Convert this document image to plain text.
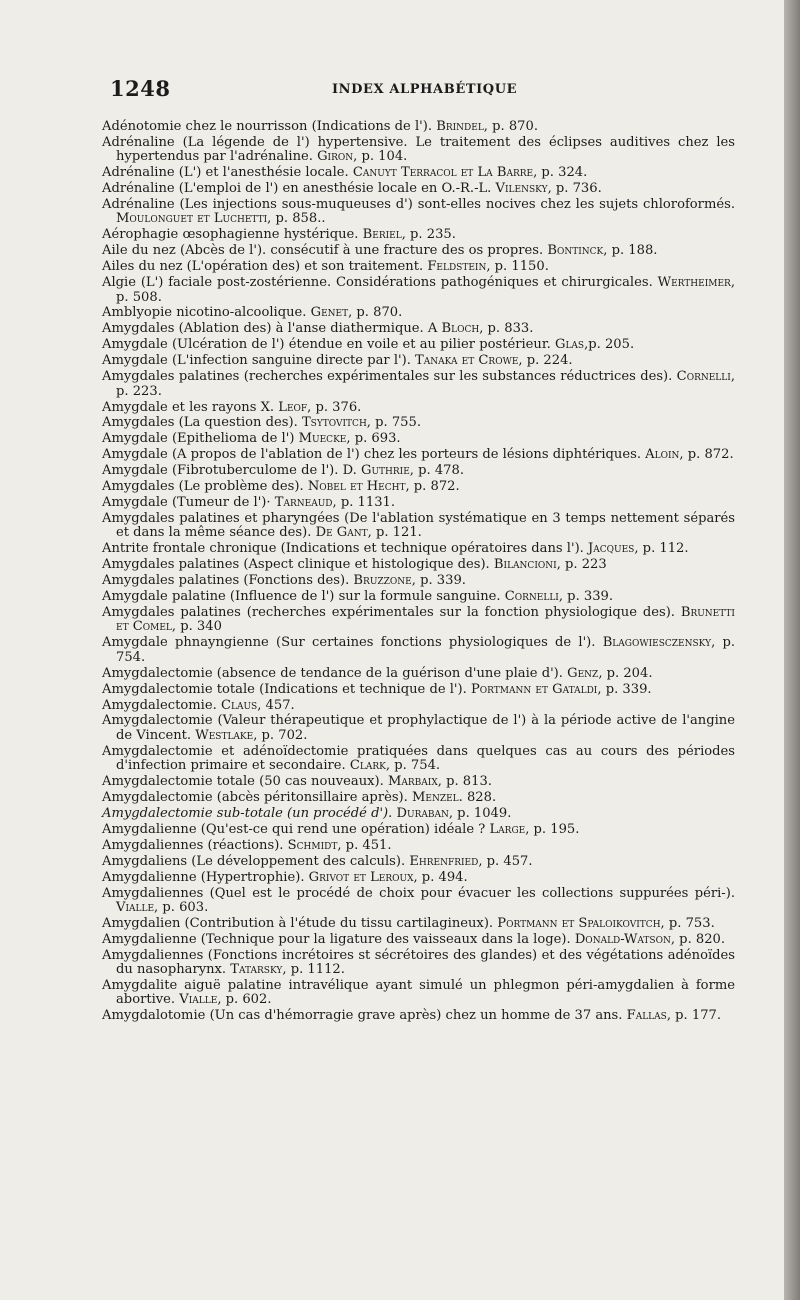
1248	INDEX ALPHABÉTIQUE
Adénotomie chez le nourrisson (Indications de l'). Brindel, p. 870.
Adrénaline (La légende de l') hypertensive. Le traitement des éclipses auditives chez les hypertendus par l'adrénaline. Giron, p. 104.
Adrénaline (L') et l'anesthésie locale. Canuyt Terracol et La Barre, p. 324.
Adrénaline (L'emploi de l') en anesthésie locale en O.-R.-L. Vilensky, p. 736.
Adrénaline (Les injections sous-muqueuses d') sont-elles nocives chez les sujets chloroformés. Moulonguet et Luchetti, p. 858..
Aérophagie œsophagienne hystérique. Beriel, p. 235.
Aile du nez (Abcès de l'). consécutif à une fracture des os propres. Bontinck, p. 188.
Ailes du nez (L'opération des) et son traitement. Feldstein, p. 1150.
Algie (L') faciale post-zostérienne. Considérations pathogéniques et chirurgicales. Wertheimer, p. 508.
Amblyopie nicotino-alcoolique. Genet, p. 870.
Amygdales (Ablation des) à l'anse diathermique. A Bloch, p. 833.
Amygdale (Ulcération de l') étendue en voile et au pilier postérieur. Glas,p. 205.
Amygdale (L'infection sanguine directe par l'). Tanaka et Crowe, p. 224.
Amygdales palatines (recherches expérimentales sur les substances réductrices des). Cornelli, p. 223.
Amygdale et les rayons X. Leof, p. 376.
Amygdales (La question des). Tsytovitch, p. 755.
Amygdale (Epithelioma de l') Muecke, p. 693.
Amygdale (A propos de l'ablation de l') chez les porteurs de lésions diphtériques. Aloin, p. 872.
Amygdale (Fibrotuberculome de l'). D. Guthrie, p. 478.
Amygdales (Le problème des). Nobel et Hecht, p. 872.
Amygdale (Tumeur de l')· Tarneaud, p. 1131.
Amygdales palatines et pharyngées (De l'ablation systématique en 3 temps nettement séparés et dans la même séance des). De Gant, p. 121.
Antrite frontale chronique (Indications et technique opératoires dans l'). Jacques, p. 112.
Amygdales palatines (Aspect clinique et histologique des). Bilancioni, p. 223
Amygdales palatines (Fonctions des). Bruzzone, p. 339.
Amygdale palatine (Influence de l') sur la formule sanguine. Cornelli, p. 339.
Amygdales palatines (recherches expérimentales sur la fonction physiologique des). Brunetti et Comel, p. 340
Amygdale phnayngienne (Sur certaines fonctions physiologiques de l'). Blagowiesczensky, p. 754.
Amygdalectomie (absence de tendance de la guérison d'une plaie d'). Genz, p. 204.
Amygdalectomie totale (Indications et technique de l'). Portmann et Gataldi, p. 339.
Amygdalectomie. Claus, 457.
Amygdalectomie (Valeur thérapeutique et prophylactique de l') à la période active de l'angine de Vincent. Westlake, p. 702.
Amygdalectomie et adénoïdectomie pratiquées dans quelques cas au cours des périodes d'infection primaire et secondaire. Clark, p. 754.
Amygdalectomie totale (50 cas nouveaux). Marbaix, p. 813.
Amygdalectomie (abcès péritonsillaire après). Menzel. 828.
Amygdalectomie sub-totale (un procédé d'). Duraban, p. 1049.
Amygdalienne (Qu'est-ce qui rend une opération) idéale ? Large, p. 195.
Amygdaliennes (réactions). Schmidt, p. 451.
Amygdaliens (Le développement des calculs). Ehrenfried, p. 457.
Amygdalienne (Hypertrophie). Grivot et Leroux, p. 494.
Amygdaliennes (Quel est le procédé de choix pour évacuer les collections suppurées péri-). Vialle, p. 603.
Amygdalien (Contribution à l'étude du tissu cartilagineux). Portmann et Spaloikovitch, p. 753.
Amygdalienne (Technique pour la ligature des vaisseaux dans la loge). Donald-Watson, p. 820.
Amygdaliennes (Fonctions incrétoires st sécrétoires des glandes) et des végétations adénoïdes du nasopharynx. Tatarsky, p. 1112.
Amygdalite aiguë palatine intravélique ayant simulé un phlegmon péri-amygdalien à forme abortive. Vialle, p. 602.
Amygdalotomie (Un cas d'hémorragie grave après) chez un homme de 37 ans. Fallas, p. 177.
